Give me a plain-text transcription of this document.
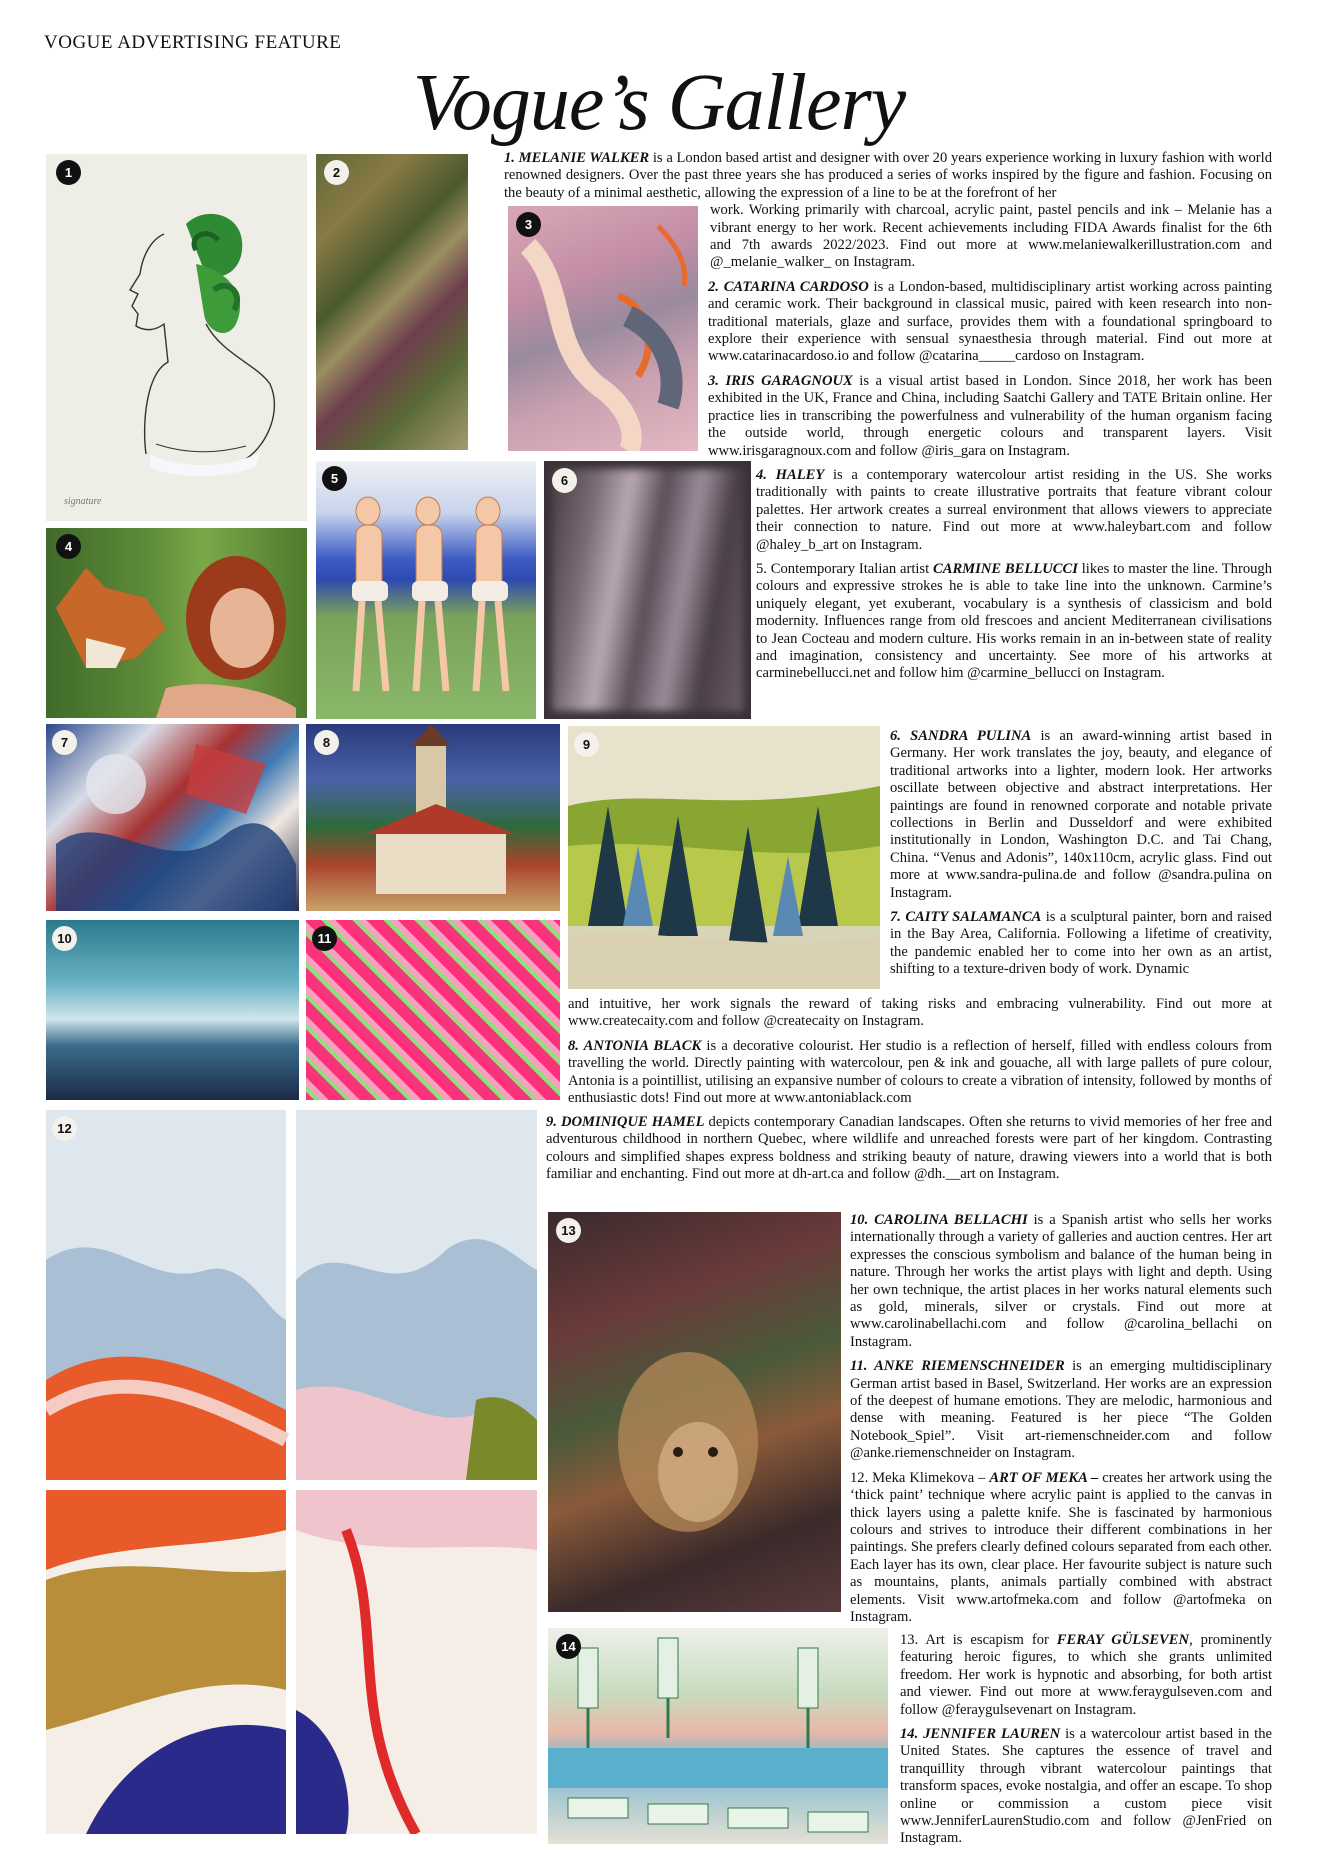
VOGUE ADVERTISING FEATURE
Vogue’s Gallery
signature
1	2
3
4
5	6
7	8	9
10	11
12
13
14

1. MELANIE WALKER is a London based artist and designer with over 20 years experience working in luxury fashion with world renowned designers. Over the past three years she has produced a series of works inspired by the figure and fashion. Focusing on the beauty of a minimal aesthetic, allowing the expression of a line to be at the forefront of her
work. Working primarily with charcoal, acrylic paint, pastel pencils and ink – Melanie has a vibrant energy to her work. Recent achievements including FIDA Awards finalist for the 6th and 7th awards 2022/2023. Find out more at www.melaniewalkerillustration.com and @_melanie_walker_ on Instagram.

2. CATARINA CARDOSO is a London-based, multidisciplinary artist working across painting and ceramic work. Their background in classical music, paired with keen research into non-traditional materials, glaze and surface, provides them with a foundational springboard to explore their experience with sensual synaesthesia through material. Find out more at www.catarinacardoso.io and follow @catarina_____cardoso on Instagram.

3. IRIS GARAGNOUX is a visual artist based in London. Since 2018, her work has been exhibited in the UK, France and China, including Saatchi Gallery and TATE Britain online. Her practice lies in transcribing the powerfulness and vulnerability of the human organism facing the outside world, through energetic colours and transparent layers. Visit www.irisgaragnoux.com and follow @iris_gara on Instagram.

4. HALEY is a contemporary watercolour artist residing in the US. She works traditionally with paints to create illustrative portraits that feature vibrant colour palettes. Her artwork creates a surreal environment that allows viewers to appreciate their connection to nature. Find out more at www.haleybart.com and follow @haley_b_art on Instagram.

5. Contemporary Italian artist CARMINE BELLUCCI likes to master the line. Through colours and expressive strokes he is able to take line into the unknown. Carmine’s uniquely elegant, yet exuberant, vocabulary is a synthesis of classicism and bold modernity. Influences range from old frescoes and ancient Mediterranean civilisations to Jean Cocteau and modern culture. His works remain in an in-between state of reality and imagination, consistency and uncertainty. See more of his artworks at carminebellucci.net and follow him @carmine_bellucci on Instagram.

6. SANDRA PULINA is an award-winning artist based in Germany. Her work translates the joy, beauty, and elegance of traditional artworks into a lighter, modern look. Her artworks oscillate between objective and abstract interpretations. Her paintings are found in renowned corporate and notable private collections in Berlin and Dusseldorf and were exhibited institutionally in London, Washington D.C. and Tai Chang, China. “Venus and Adonis”, 140x110cm, acrylic glass. Find out more at www.sandra-pulina.de and follow @sandra.pulina on Instagram.

7. CAITY SALAMANCA is a sculptural painter, born and raised in the Bay Area, California. Following a lifetime of creativity, the pandemic enabled her to come into her own as an artist, shifting to a texture-driven body of work. Dynamic

and intuitive, her work signals the reward of taking risks and embracing vulnerability. Find out more at www.createcaity.com and follow @createcaity on Instagram.

8. ANTONIA BLACK is a decorative colourist. Her studio is a reflection of herself, filled with endless colours from travelling the world. Directly painting with watercolour, pen & ink and gouache, all with large pallets of pure colour, Antonia is a pointillist, utilising an expansive number of colours to create a vibration of intensity, followed by months of enthusiastic dots! Find out more at www.antoniablack.com

9. DOMINIQUE HAMEL depicts contemporary Canadian landscapes. Often she returns to vivid memories of her free and adventurous childhood in northern Quebec, where wildlife and unreached forests were part of her kingdom. Contrasting colours and simplified shapes express boldness and striking beauty of nature, drawing viewers into a world that is both familiar and enchanting. Find out more at dh-art.ca and follow @dh.__art on Instagram.

10. CAROLINA BELLACHI is a Spanish artist who sells her works internationally through a variety of galleries and auction centres. Her art expresses the conscious symbolism and balance of the human being in nature. Through her works the artist plays with light and depth. Using her own technique, the artist places in her works natural elements such as gold, minerals, silver or crystals. Find out more at www.carolinabellachi.com and follow @carolina_bellachi on Instagram.

11. ANKE RIEMENSCHNEIDER is an emerging multidisciplinary German artist based in Basel, Switzerland. Her works are an expression of the deepest of humane emotions. They are melodic, harmonious and dense with meaning. Featured is her piece “The Golden Notebook_Spiel”. Visit art-riemenschneider.com and follow @anke.riemenschneider on Instagram.

12. Meka Klimekova – ART OF MEKA – creates her artwork using the ‘thick paint’ technique where acrylic paint is applied to the canvas in thick layers using a palette knife. She is fascinated by harmonious colours and strives to introduce their different combinations in her paintings. She prefers clearly defined colours separated from each other. Each layer has its own, clear place. Her favourite subject is nature such as mountains, plants, animals partially combined with abstract elements. Visit www.artofmeka.com and follow @artofmeka on Instagram.

13. Art is escapism for FERAY GÜLSEVEN, prominently featuring heroic figures, to which she grants unlimited freedom. Her work is hypnotic and absorbing, for both artist and viewer. Find out more at www.feraygulseven.com and follow @feraygulsevenart on Instagram.

14. JENNIFER LAUREN is a watercolour artist based in the United States. She captures the essence of travel and tranquillity through vibrant watercolour paintings that transform spaces, evoke nostalgia, and offer an escape. To shop online or commission a custom piece visit www.JenniferLaurenStudio.com and follow @JenFried on Instagram.
